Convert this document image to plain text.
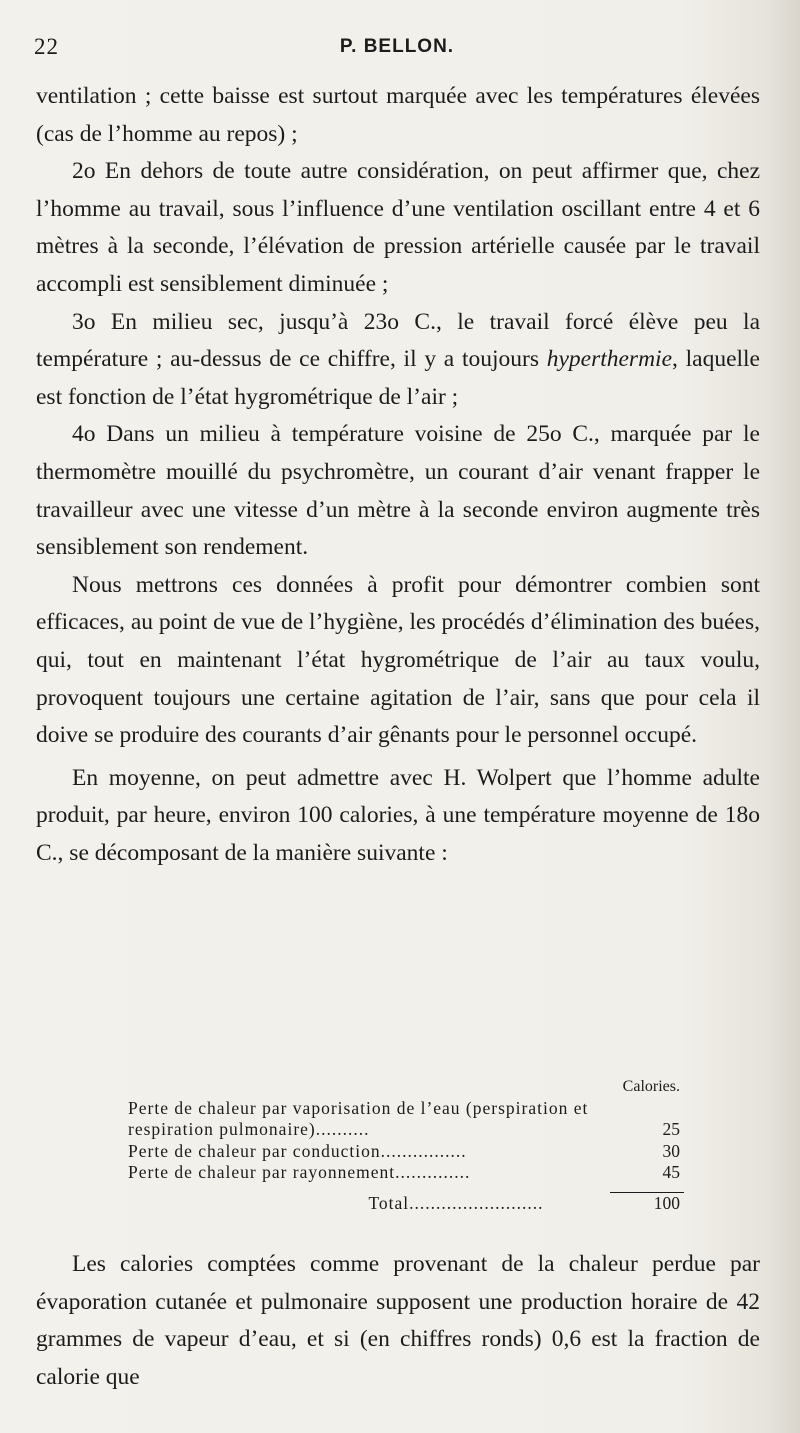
22	P. BELLON.

ventilation ; cette baisse est surtout marquée avec les températures élevées (cas de l’homme au repos) ;

2o En dehors de toute autre considération, on peut affirmer que, chez l’homme au travail, sous l’influence d’une ventilation oscillant entre 4 et 6 mètres à la seconde, l’élévation de pression artérielle causée par le travail accompli est sensiblement diminuée ;

3o En milieu sec, jusqu’à 23o C., le travail forcé élève peu la température ; au-dessus de ce chiffre, il y a toujours hyperthermie, laquelle est fonction de l’état hygrométrique de l’air ;

4o Dans un milieu à température voisine de 25o C., marquée par le thermomètre mouillé du psychromètre, un courant d’air venant frapper le travailleur avec une vitesse d’un mètre à la seconde environ augmente très sensiblement son rendement.

Nous mettrons ces données à profit pour démontrer combien sont efficaces, au point de vue de l’hygiène, les procédés d’élimination des buées, qui, tout en maintenant l’état hygrométrique de l’air au taux voulu, provoquent toujours une certaine agitation de l’air, sans que pour cela il doive se produire des courants d’air gênants pour le personnel occupé.

En moyenne, on peut admettre avec H. Wolpert que l’homme adulte produit, par heure, environ 100 calories, à une température moyenne de 18o C., se décomposant de la manière suivante :

Calories.
Perte de chaleur par vaporisation de l’eau (perspiration et respiration pulmonaire)..........	25
Perte de chaleur par conduction................	30
Perte de chaleur par rayonnement..............	45
Total.........................	100

Les calories comptées comme provenant de la chaleur perdue par évaporation cutanée et pulmonaire supposent une production horaire de 42 grammes de vapeur d’eau, et si (en chiffres ronds) 0,6 est la fraction de calorie que
